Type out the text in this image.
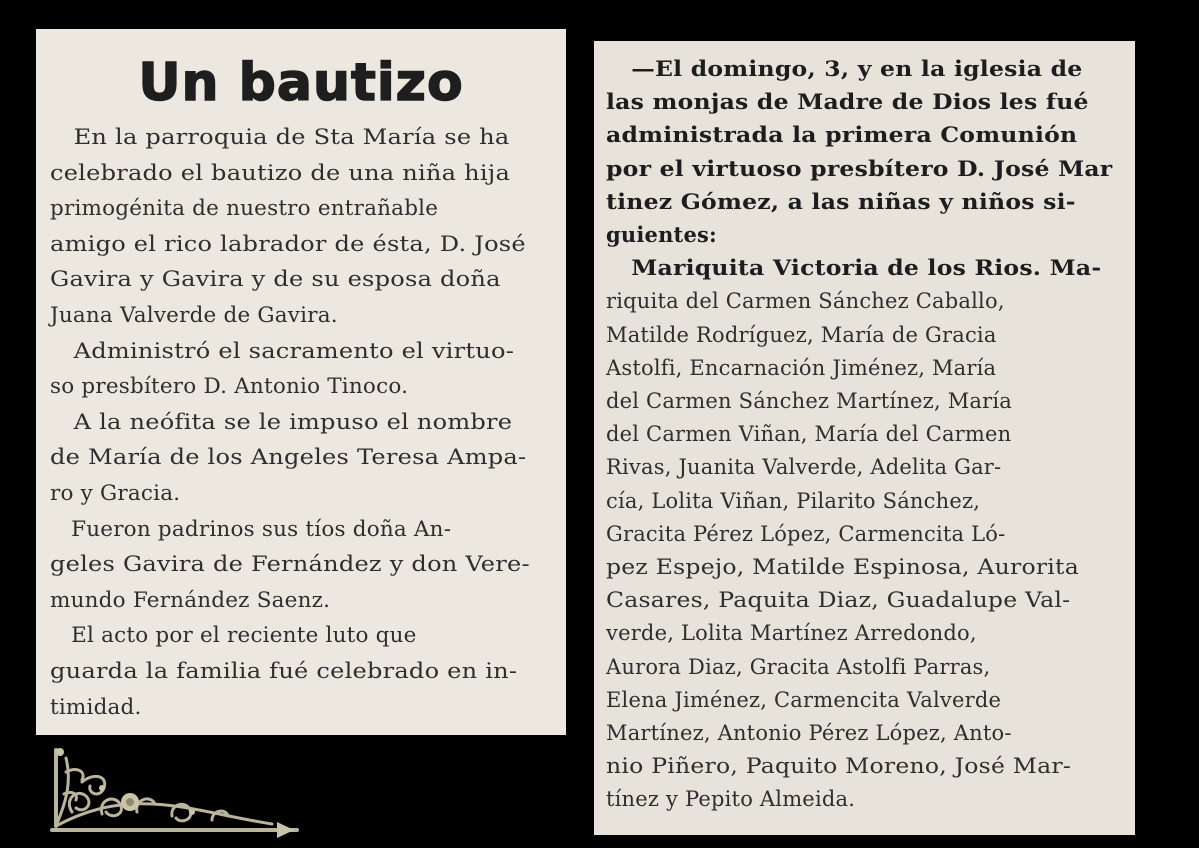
Un bautizo
En la parroquia de Sta María se ha
celebrado el bautizo de una niña hija
primogénita de nuestro entrañable
amigo el rico labrador de ésta, D. José
Gavira y Gavira y de su esposa doña
Juana Valverde de Gavira.
Administró el sacramento el virtuo-
so presbítero D. Antonio Tinoco.
A la neófita se le impuso el nombre
de María de los Angeles Teresa Ampa-
ro y Gracia.
Fueron padrinos sus tíos doña An-
geles Gavira de Fernández y don Vere-
mundo Fernández Saenz.
El acto por el reciente luto que
guarda la familia fué celebrado en in-
timidad.
—El domingo, 3, y en la iglesia de
las monjas de Madre de Dios les fué
administrada la primera Comunión
por el virtuoso presbítero D. José Mar
tinez Gómez, a las niñas y niños si-
guientes:
Mariquita Victoria de los Rios. Ma-
riquita del Carmen Sánchez Caballo,
Matilde Rodríguez, María de Gracia
Astolfi, Encarnación Jiménez, María
del Carmen Sánchez Martínez, María
del Carmen Viñan, María del Carmen
Rivas, Juanita Valverde, Adelita Gar-
cía, Lolita Viñan, Pilarito Sánchez,
Gracita Pérez López, Carmencita Ló-
pez Espejo, Matilde Espinosa, Aurorita
Casares, Paquita Diaz, Guadalupe Val-
verde, Lolita Martínez Arredondo,
Aurora Diaz, Gracita Astolfi Parras,
Elena Jiménez, Carmencita Valverde
Martínez, Antonio Pérez López, Anto-
nio Piñero, Paquito Moreno, José Mar-
tínez y Pepito Almeida.
